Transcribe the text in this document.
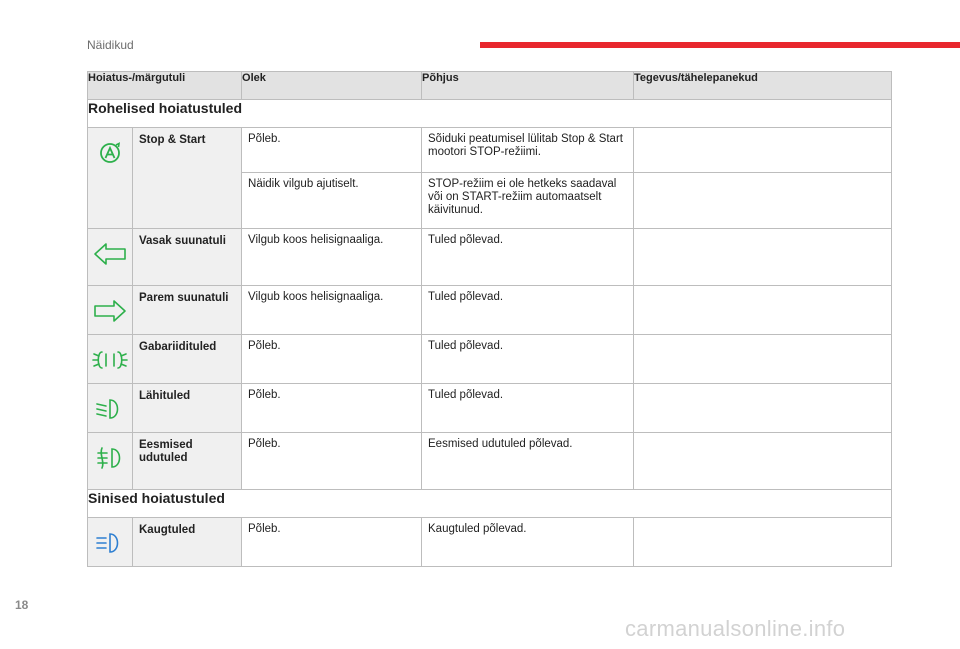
Näidikud
Hoiatus-/märgutuli		Olek	Põhjus	Tegevus/tähelepanekud
Rohelised hoiatustuled				

	Stop & Start	Põleb.	Sõiduki peatumisel lülitab Stop & Start mootori STOP-režiimi.	
		Näidik vilgub ajutiselt.	STOP-režiim ei ole hetkeks saadaval või on START-režiim automaatselt käivitunud.	

	Vasak suunatuli	Vilgub koos helisignaaliga.	Tuled põlevad.	

	Parem suunatuli	Vilgub koos helisignaaliga.	Tuled põlevad.	

	Gabariidituled	Põleb.	Tuled põlevad.	

	Lähituled	Põleb.	Tuled põlevad.	

	Eesmised udutuled	Põleb.	Eesmised udutuled põlevad.	
Sinised hoiatustuled				

	Kaugtuled	Põleb.	Kaugtuled põlevad.	
18
carmanualsonline.info
